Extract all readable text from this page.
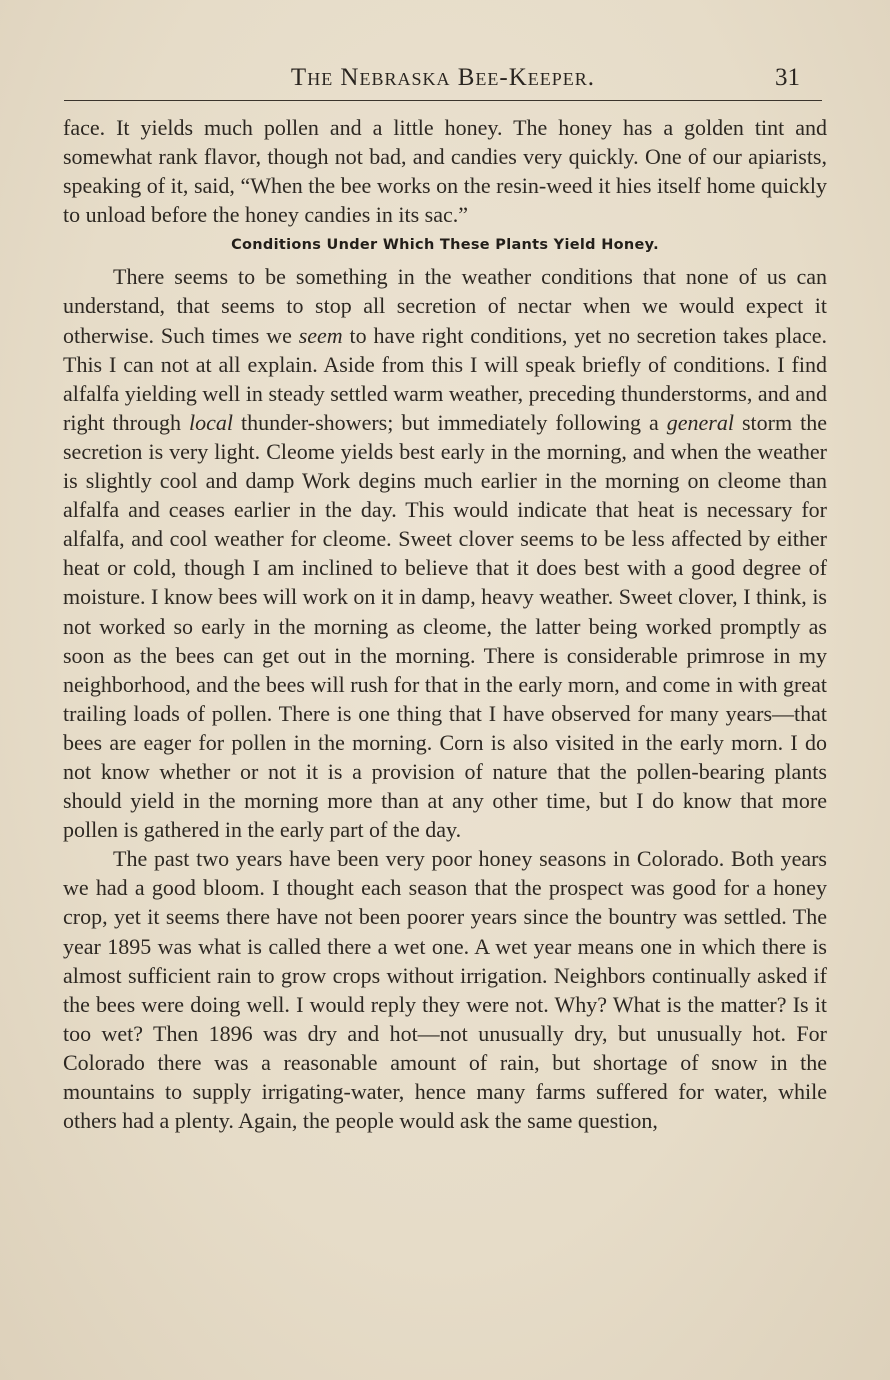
The Nebraska Bee-Keeper.	31

face. It yields much pollen and a little honey. The honey has a golden tint and somewhat rank flavor, though not bad, and candies very quickly. One of our apiarists, speaking of it, said, “When the bee works on the resin-weed it hies itself home quickly to unload before the honey candies in its sac.”

Conditions Under Which These Plants Yield Honey.

There seems to be something in the weather conditions that none of us can understand, that seems to stop all secretion of nectar when we would expect it otherwise. Such times we seem to have right conditions, yet no secretion takes place. This I can not at all explain. Aside from this I will speak briefly of conditions. I find alfalfa yielding well in steady settled warm weather, preceding thunderstorms, and and right through local thunder-showers; but immediately following a general storm the secretion is very light. Cleome yields best early in the morning, and when the weather is slightly cool and damp Work degins much earlier in the morning on cleome than alfalfa and ceases earlier in the day. This would indicate that heat is necessary for alfalfa, and cool weather for cleome. Sweet clover seems to be less affected by either heat or cold, though I am inclined to believe that it does best with a good degree of moisture. I know bees will work on it in damp, heavy weather. Sweet clover, I think, is not worked so early in the morning as cleome, the latter being worked promptly as soon as the bees can get out in the morning. There is considerable primrose in my neighborhood, and the bees will rush for that in the early morn, and come in with great trailing loads of pollen. There is one thing that I have observed for many years—that bees are eager for pollen in the morning. Corn is also visited in the early morn. I do not know whether or not it is a provision of nature that the pollen-bearing plants should yield in the morning more than at any other time, but I do know that more pollen is gathered in the early part of the day.

The past two years have been very poor honey seasons in Colorado. Both years we had a good bloom. I thought each season that the prospect was good for a honey crop, yet it seems there have not been poorer years since the bountry was settled. The year 1895 was what is called there a wet one. A wet year means one in which there is almost sufficient rain to grow crops without irrigation. Neighbors continually asked if the bees were doing well. I would reply they were not. Why? What is the matter? Is it too wet? Then 1896 was dry and hot—not unusually dry, but unusually hot. For Colorado there was a reasonable amount of rain, but shortage of snow in the mountains to supply irrigating-water, hence many farms suffered for water, while others had a plenty. Again, the people would ask the same question,
